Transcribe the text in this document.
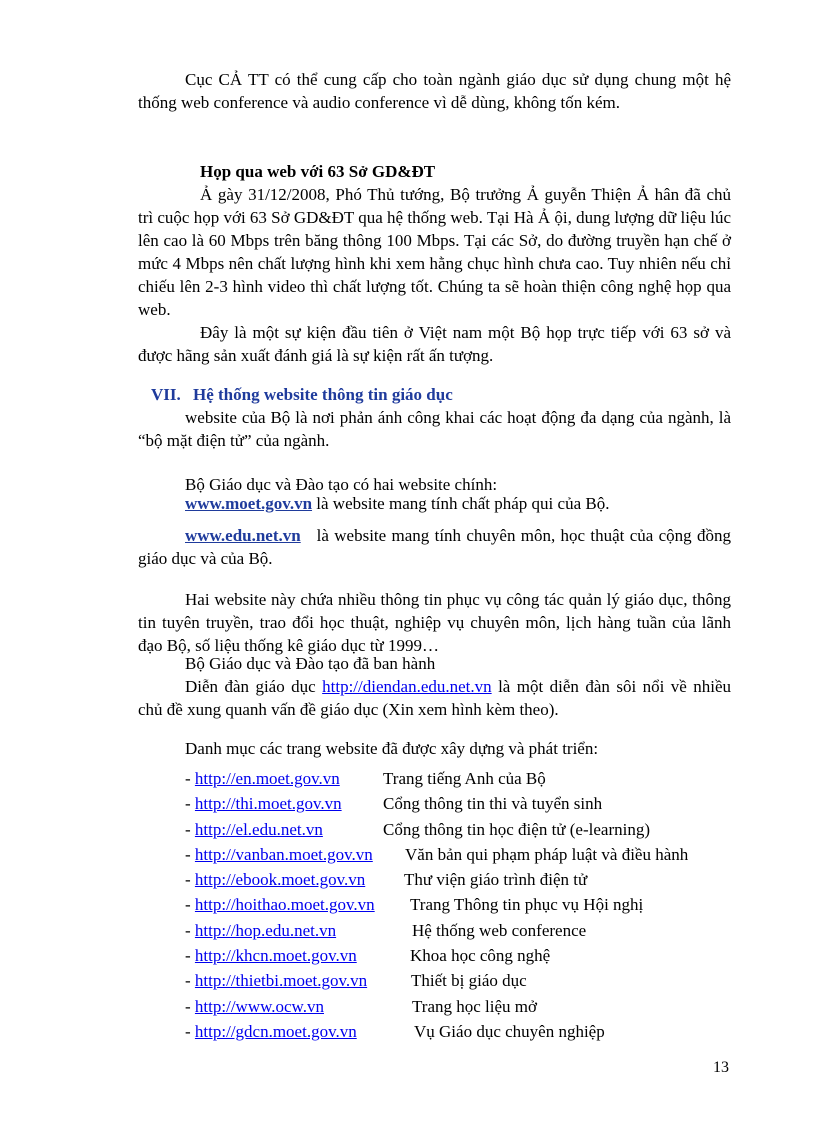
Cục CẢ TT có thể cung cấp cho toàn ngành giáo dục sử dụng chung một hệ thống web conference và audio conference vì dễ dùng, không tốn kém.

Họp qua web với 63 Sở GD&ĐT

Ả gày 31/12/2008, Phó Thủ tướng, Bộ trưởng Ả guyễn Thiện Ả hân đã chủ trì cuộc họp với 63 Sở GD&ĐT qua hệ thống web. Tại Hà Ả ội, dung lượng dữ liệu lúc lên cao là 60 Mbps trên băng thông 100 Mbps. Tại các Sở, do đường truyền hạn chế ở mức 4 Mbps nên chất lượng hình khi xem hằng chục hình chưa cao. Tuy nhiên nếu chỉ chiếu lên 2-3 hình video thì chất lượng tốt. Chúng ta sẽ hoàn thiện công nghệ họp qua web.

Đây là một sự kiện đầu tiên ở Việt nam một Bộ họp trực tiếp với 63 sở và được hãng sản xuất đánh giá là sự kiện rất ấn tượng.

VII. Hệ thống website thông tin giáo dục

website của Bộ là nơi phản ánh công khai các hoạt động đa dạng của ngành, là “bộ mặt điện tử” của ngành.

Bộ Giáo dục và Đào tạo có hai website chính:
www.moet.gov.vn là website mang tính chất pháp qui của Bộ.
www.edu.net.vn là website mang tính chuyên môn, học thuật của cộng đồng giáo dục và của Bộ.

Hai website này chứa nhiều thông tin phục vụ công tác quản lý giáo dục, thông tin tuyên truyền, trao đổi học thuật, nghiệp vụ chuyên môn, lịch hàng tuần của lãnh đạo Bộ, số liệu thống kê giáo dục từ 1999…

Bộ Giáo dục và Đào tạo đã ban hành

Diễn đàn giáo dục http://diendan.edu.net.vn là một diễn đàn sôi nổi về nhiều chủ đề xung quanh vấn đề giáo dục (Xin xem hình kèm theo).

Danh mục các trang website đã được xây dựng và phát triển:
- http://en.moet.gov.vn	Trang tiếng Anh của Bộ
- http://thi.moet.gov.vn Cổng thông tin thi và tuyển sinh
- http://el.edu.net.vn	Cổng thông tin học điện tử (e-learning)
- http://vanban.moet.gov.vn Văn bản qui phạm pháp luật và điều hành
- http://ebook.moet.gov.vn Thư viện giáo trình điện tử
- http://hoithao.moet.gov.vn Trang Thông tin phục vụ Hội nghị
- http://hop.edu.net.vn	Hệ thống web conference
- http://khcn.moet.gov.vn	Khoa học công nghệ
- http://thietbi.moet.gov.vn	Thiết bị giáo dục
- http://www.ocw.vn	Trang học liệu mở
- http://gdcn.moet.gov.vn	Vụ Giáo dục chuyên nghiệp
13
